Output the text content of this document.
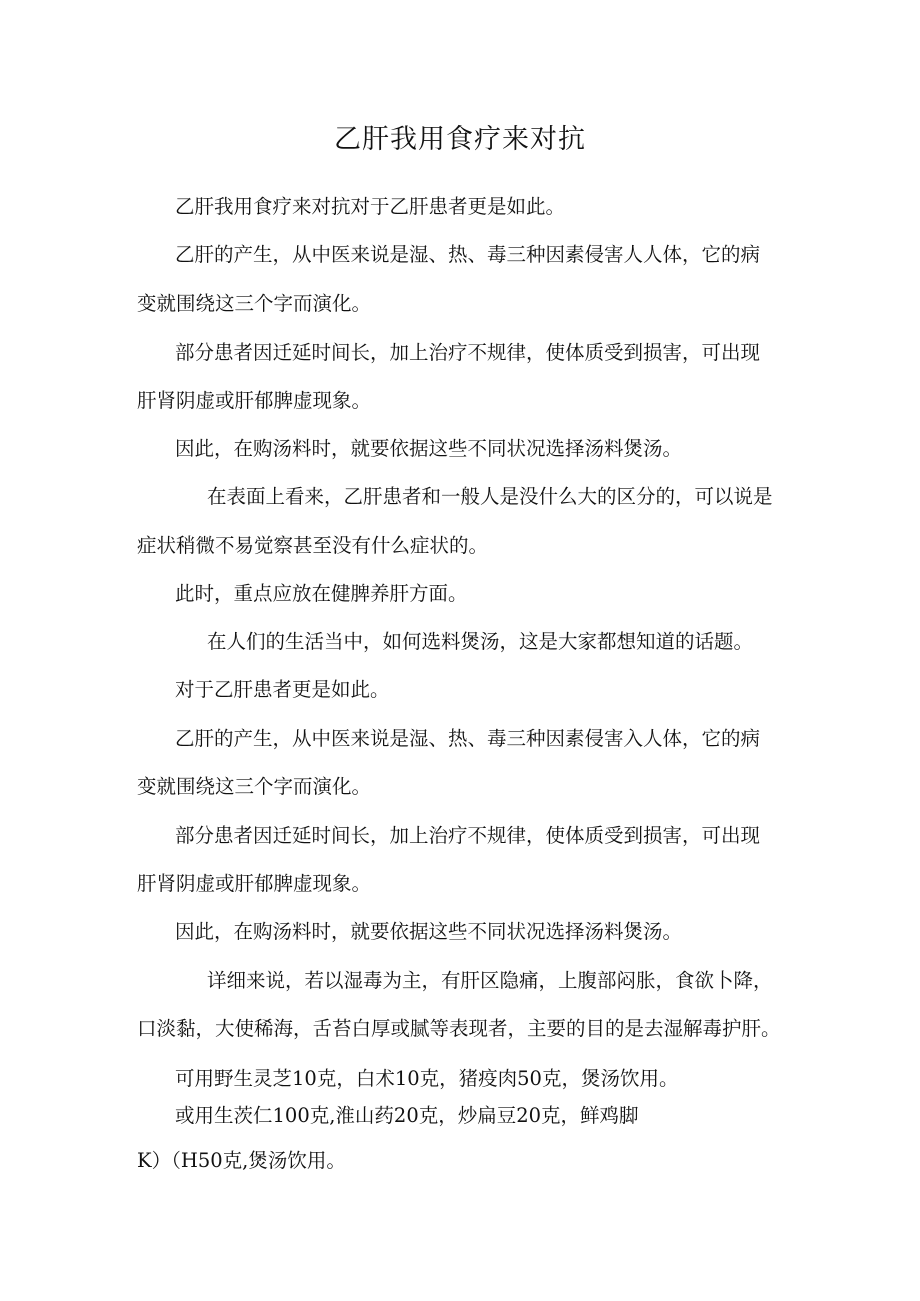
乙肝我用食疗来对抗

乙肝我用食疗来对抗对于乙肝患者更是如此。

乙肝的产生，从中医来说是湿、热、毒三种因素侵害人人体，它的病

变就围绕这三个字而演化。

部分患者因迁延时间长，加上治疗不规律，使体质受到损害，可出现

肝肾阴虚或肝郁脾虚现象。

因此，在购汤料时，就要依据这些不同状况选择汤料煲汤。

在表面上看来，乙肝患者和一般人是没什么大的区分的，可以说是

症状稍微不易觉察甚至没有什么症状的。

此时，重点应放在健脾养肝方面。

在人们的生活当中，如何选料煲汤，这是大家都想知道的话题。

对于乙肝患者更是如此。

乙肝的产生，从中医来说是湿、热、毒三种因素侵害入人体，它的病

变就围绕这三个字而演化。

部分患者因迁延时间长，加上治疗不规律，使体质受到损害，可出现

肝肾阴虚或肝郁脾虚现象。

因此，在购汤料时，就要依据这些不同状况选择汤料煲汤。

详细来说，若以湿毒为主，有肝区隐痛，上腹部闷胀，食欲卜降，

口淡黏，大使稀海，舌苔白厚或腻等表现者，主要的目的是去湿解毒护肝。

可用野生灵芝10克，白术10克，猪疫肉50克，煲汤饮用。

或用生茨仁100克,淮山药20克，炒扁豆20克，鲜鸡脚

K）（H50克,煲汤饮用。
